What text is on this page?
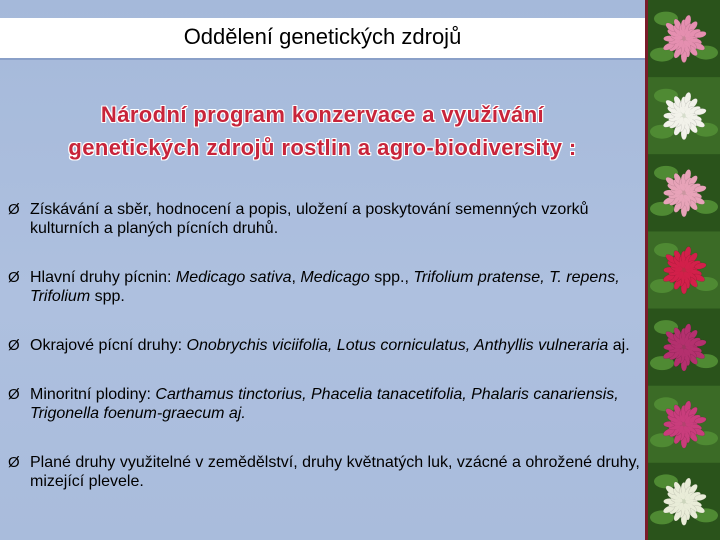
Oddělení genetických zdrojů
Národní program konzervace a využívání
genetických zdrojů rostlin a agro-biodiversity :
Ø Získávání a sběr, hodnocení a popis, uložení a poskytování semenných vzorků kulturních a planých pícních druhů.
Ø Hlavní druhy pícnin: Medicago sativa, Medicago spp., Trifolium pratense, T. repens, Trifolium spp.
Ø Okrajové pícní druhy: Onobrychis viciifolia, Lotus corniculatus, Anthyllis vulneraria aj.
Ø Minoritní plodiny: Carthamus tinctorius, Phacelia tanacetifolia, Phalaris canariensis, Trigonella foenum-graecum aj.
Ø Plané druhy využitelné v zemědělství, druhy květnatých luk, vzácné a ohrožené druhy, mizející plevele.
